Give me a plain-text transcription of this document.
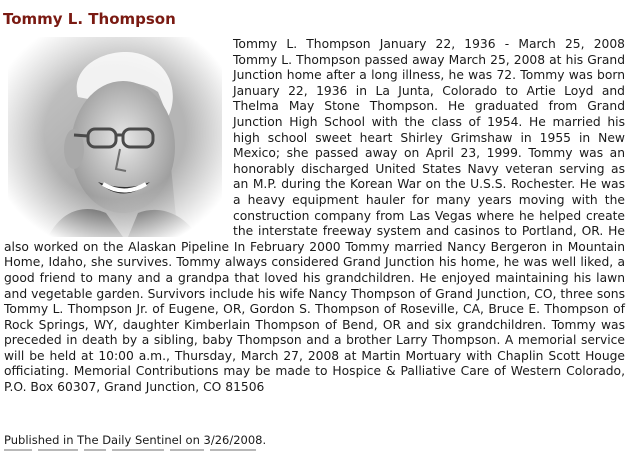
Tommy L. Thompson
Tommy L. Thompson January 22, 1936 - March 25, 2008 Tommy L. Thompson passed away March 25, 2008 at his Grand Junction home after a long illness, he was 72. Tommy was born January 22, 1936 in La Junta, Colorado to Artie Loyd and Thelma May Stone Thompson. He graduated from Grand Junction High School with the class of 1954. He married his high school sweet heart Shirley Grimshaw in 1955 in New Mexico; she passed away on April 23, 1999. Tommy was an honorably discharged United States Navy veteran serving as an M.P. during the Korean War on the U.S.S. Rochester. He was a heavy equipment hauler for many years moving with the construction company from Las Vegas where he helped create the interstate freeway system and casinos to Portland, OR. He also worked on the Alaskan Pipeline In February 2000 Tommy married Nancy Bergeron in Mountain Home, Idaho, she survives. Tommy always considered Grand Junction his home, he was well liked, a good friend to many and a grandpa that loved his grandchildren. He enjoyed maintaining his lawn and vegetable garden. Survivors include his wife Nancy Thompson of Grand Junction, CO, three sons Tommy L. Thompson Jr. of Eugene, OR, Gordon S. Thompson of Roseville, CA, Bruce E. Thompson of Rock Springs, WY, daughter Kimberlain Thompson of Bend, OR and six grandchildren. Tommy was preceded in death by a sibling, baby Thompson and a brother Larry Thompson. A memorial service will be held at 10:00 a.m., Thursday, March 27, 2008 at Martin Mortuary with Chaplin Scott Houge officiating. Memorial Contributions may be made to Hospice & Palliative Care of Western Colorado, P.O. Box 60307, Grand Junction, CO 81506

Published in The Daily Sentinel on 3/26/2008.
